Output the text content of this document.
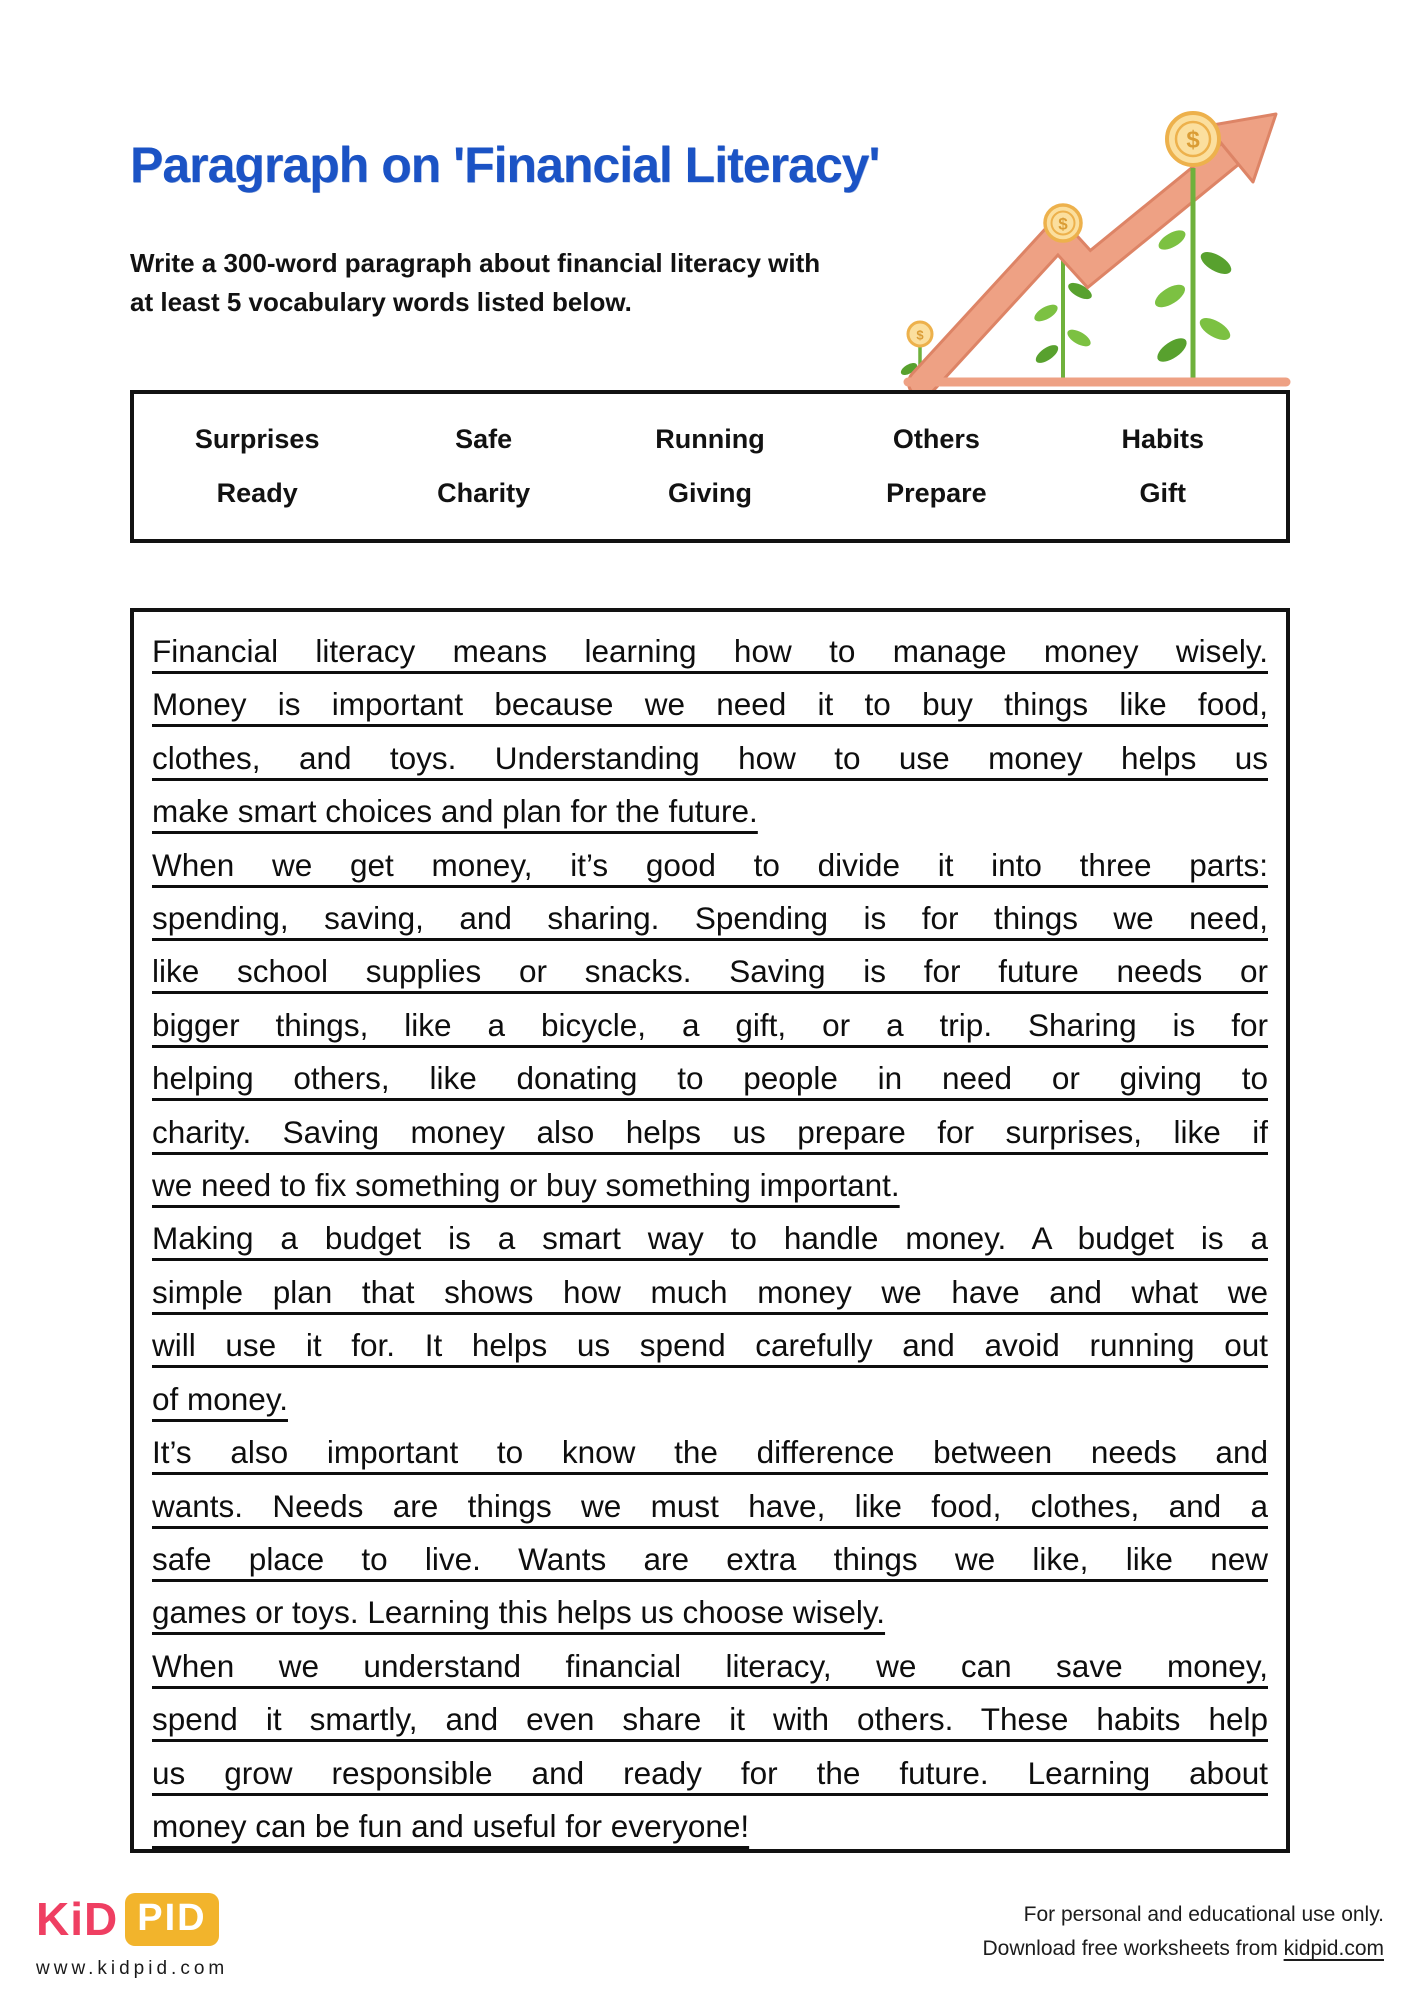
Paragraph on 'Financial Literacy'
Write a 300-word paragraph about financial literacy with
at least 5 vocabulary words listed below.
$
$
$
Surprises	Safe	Running	Others	Habits
Ready	Charity	Giving	Prepare	Gift
Financial literacy means learning how to manage money wisely.
Money is important because we need it to buy things like food,
clothes, and toys. Understanding how to use money helps us
make smart choices and plan for the future.
When we get money, it’s good to divide it into three parts:
spending, saving, and sharing. Spending is for things we need,
like school supplies or snacks. Saving is for future needs or
bigger things, like a bicycle, a gift, or a trip. Sharing is for
helping others, like donating to people in need or giving to
charity. Saving money also helps us prepare for surprises, like if
we need to fix something or buy something important.
Making a budget is a smart way to handle money. A budget is a
simple plan that shows how much money we have and what we
will use it for. It helps us spend carefully and avoid running out
of money.
It’s also important to know the difference between needs and
wants. Needs are things we must have, like food, clothes, and a
safe place to live. Wants are extra things we like, like new
games or toys. Learning this helps us choose wisely.
When we understand financial literacy, we can save money,
spend it smartly, and even share it with others. These habits help
us grow responsible and ready for the future. Learning about
money can be fun and useful for everyone!
KiD PID
www.kidpid.com
For personal and educational use only.
Download free worksheets from kidpid.com
